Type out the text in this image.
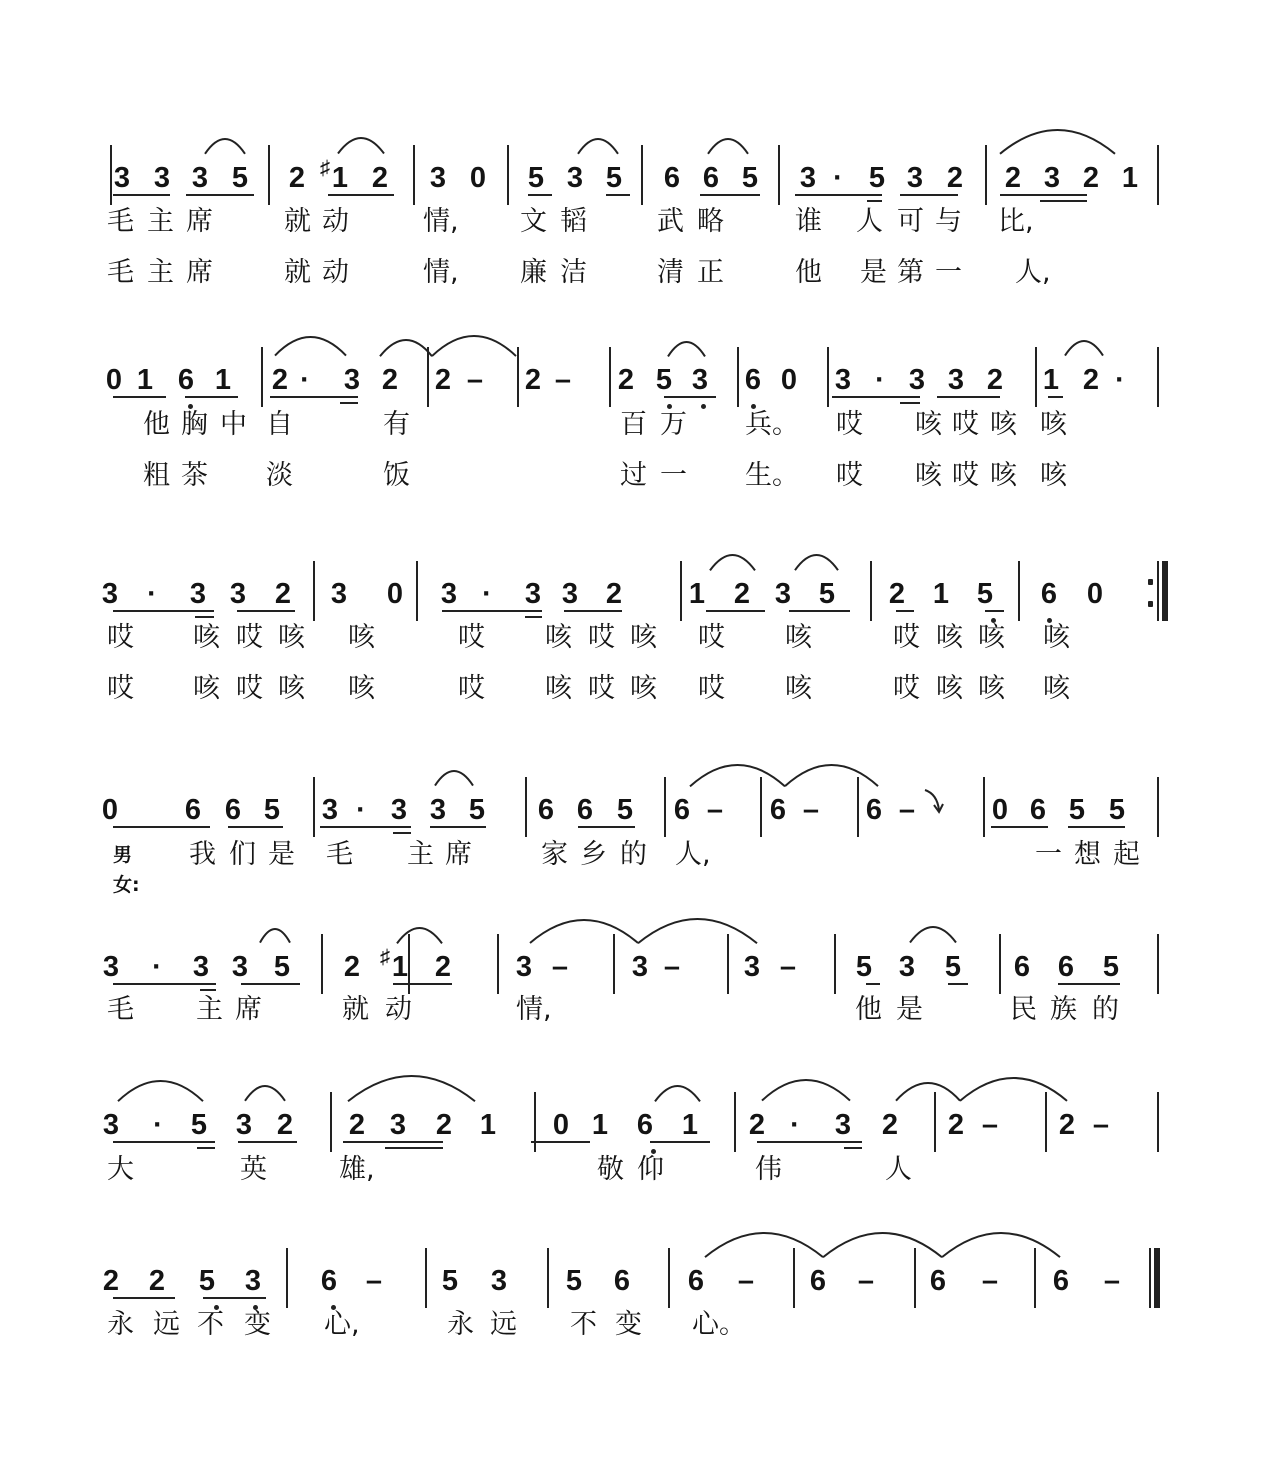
3 3 3 5 2 1
♯ 2 3 0 5 3 5 6 6 5 3 · 5 3 2 2 3 2 1
毛 主 席	就 动	情, 文 韬	武 略	谁 人 可 与 比,
毛 主 席	就 动	情, 廉 洁	清 正	他 是 第 一 人,
0 1 6 1 2 · 3 2 2 – 2 – 2 5 3 6 0 3 · 3 3 2 1 2 ·
他 胸 中 自	有	百 万 兵。 哎 咳 哎 咳 咳
粗 茶 淡	饭	过 一 生。 哎 咳 哎 咳 咳
3 · 3 3 2 3 0 3 · 3 3 2 1 2 3 5 2 1 5 6 0
哎 咳 哎 咳 咳	哎 咳 哎 咳 哎 咳	哎 咳 咳 咳
哎 咳 哎 咳 咳	哎 咳 哎 咳 哎 咳	哎 咳 咳 咳
0 6 6 5 3 · 3 3 5 6 6 5 6 – 6 – 6 –	0 6 5 5
男女:
我 们 是 毛 主 席	家 乡 的 人,	一 想 起
3 · 3 3 5 2 1
♯ 2 3 – 3 – 3 – 5 3 5 6 6 5
毛 主 席	就 动	情,	他 是	民 族 的
3 · 5 3 2 2 3 2 1 0 1 6 1 2 · 3 2 2 – 2 –
大	英	雄,	敬 仰	伟	人
2 2 5 3 6 – 5 3 5 6 6 – 6 – 6 – 6 –
永 远 不 变 心,	永 远 不 变 心。
